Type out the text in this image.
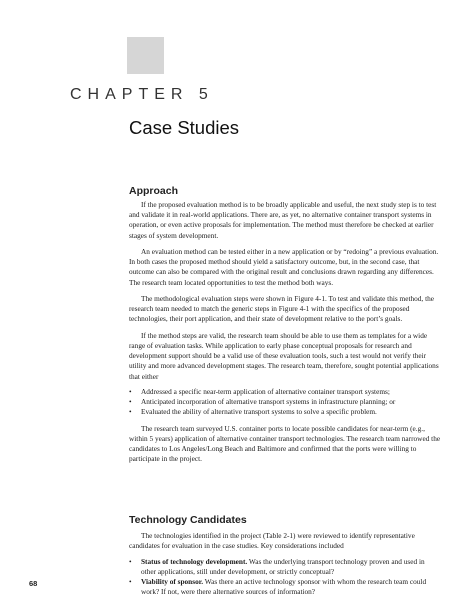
CHAPTER 5
Case Studies
Approach

If the proposed evaluation method is to be broadly applicable and useful, the next study step is to test and validate it in real-world applications. There are, as yet, no alternative container transport systems in operation, or even active proposals for implementation. The method must therefore be checked at earlier stages of system development.

An evaluation method can be tested either in a new application or by “redoing” a previous evaluation. In both cases the proposed method should yield a satisfactory outcome, but, in the second case, that outcome can also be compared with the original result and conclusions drawn regarding any differences. The research team located opportunities to test the method both ways.

The methodological evaluation steps were shown in Figure 4-1. To test and validate this method, the research team needed to match the generic steps in Figure 4-1 with the specifics of the proposed technologies, their port application, and their state of development relative to the port’s goals.

If the method steps are valid, the research team should be able to use them as templates for a wide range of evaluation tasks. While application to early phase conceptual proposals for research and development support should be a valid use of these evaluation tools, such a test would not verify their utility and more advanced development stages. The research team, therefore, sought potential applications that either

• Addressed a specific near-term application of alternative container transport systems;
• Anticipated incorporation of alternative transport systems in infrastructure planning; or
• Evaluated the ability of alternative transport systems to solve a specific problem.

The research team surveyed U.S. container ports to locate possible candidates for near-term (e.g., within 5 years) application of alternative container transport technologies. The research team narrowed the candidates to Los Angeles/Long Beach and Baltimore and confirmed that the ports were willing to participate in the project.

Technology Candidates

The technologies identified in the project (Table 2-1) were reviewed to identify representative candidates for evaluation in the case studies. Key considerations included

• Status of technology development. Was the underlying transport technology proven and used in other applications, still under development, or strictly conceptual?
• Viability of sponsor. Was there an active technology sponsor with whom the research team could work? If not, were there alternative sources of information?
68
